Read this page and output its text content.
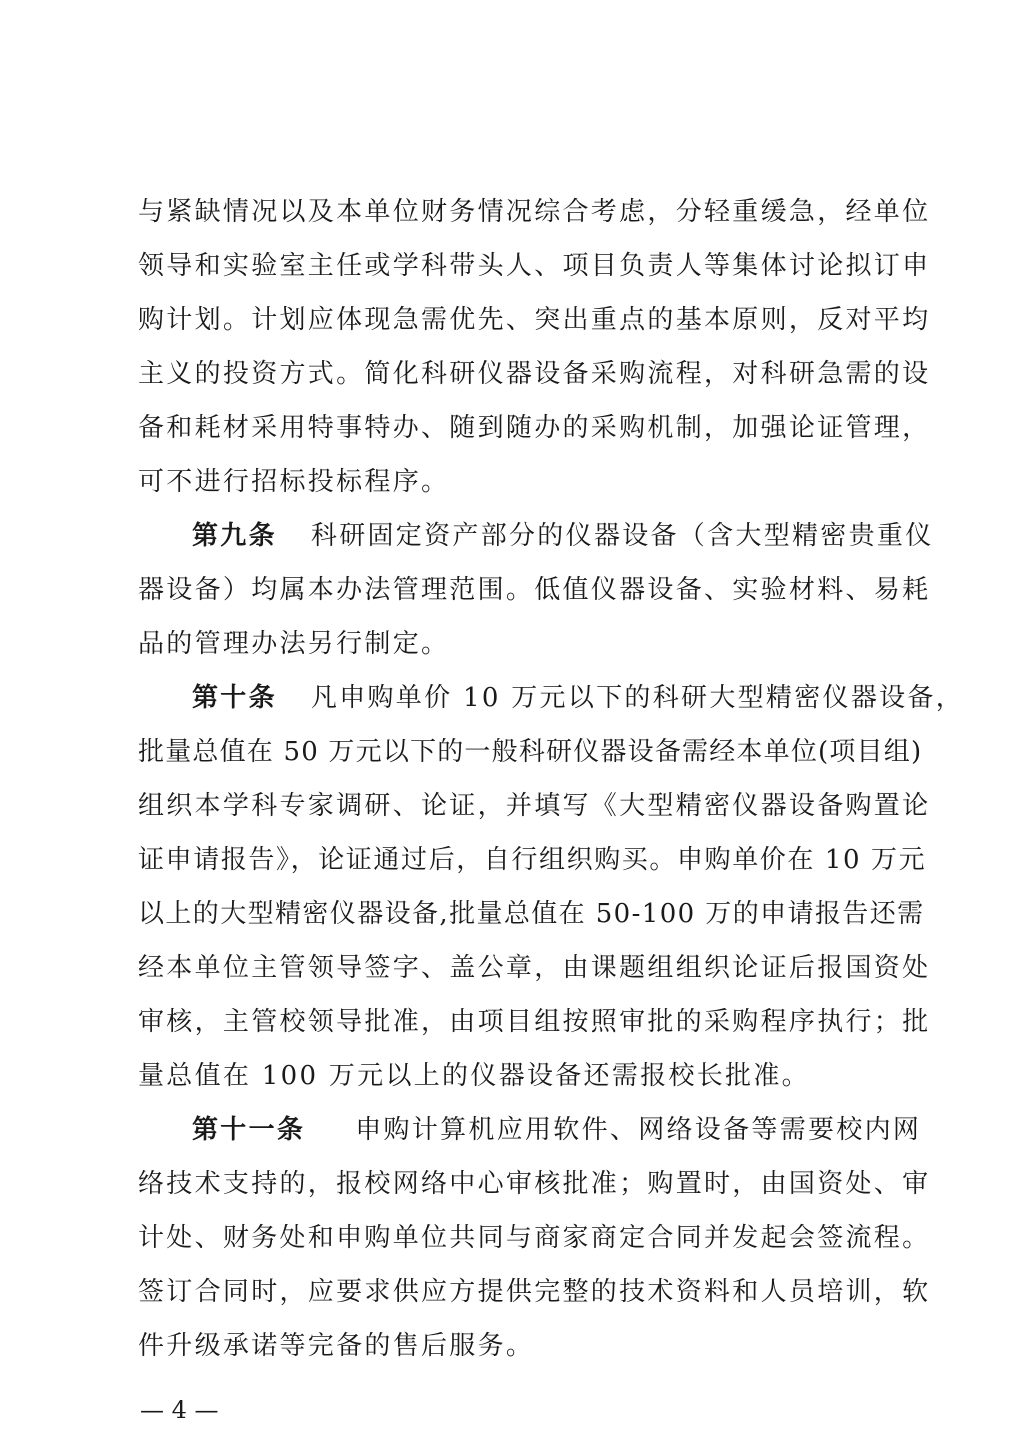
与紧缺情况以及本单位财务情况综合考虑，分轻重缓急，经单位
领导和实验室主任或学科带头人、项目负责人等集体讨论拟订申
购计划。计划应体现急需优先、突出重点的基本原则，反对平均
主义的投资方式。简化科研仪器设备采购流程，对科研急需的设
备和耗材采用特事特办、随到随办的采购机制，加强论证管理，
可不进行招标投标程序。
第九条 科研固定资产部分的仪器设备（含大型精密贵重仪
器设备）均属本办法管理范围。低值仪器设备、实验材料、易耗
品的管理办法另行制定。
第十条 凡申购单价 10 万元以下的科研大型精密仪器设备，
批量总值在 50 万元以下的一般科研仪器设备需经本单位(项目组)
组织本学科专家调研、论证，并填写《大型精密仪器设备购置论
证申请报告》，论证通过后，自行组织购买。申购单价在 10 万元
以上的大型精密仪器设备,批量总值在 50-100 万的申请报告还需
经本单位主管领导签字、盖公章，由课题组组织论证后报国资处
审核，主管校领导批准，由项目组按照审批的采购程序执行；批
量总值在 100 万元以上的仪器设备还需报校长批准。
第十一条 申购计算机应用软件、网络设备等需要校内网
络技术支持的，报校网络中心审核批准；购置时，由国资处、审
计处、财务处和申购单位共同与商家商定合同并发起会签流程。
签订合同时，应要求供应方提供完整的技术资料和人员培训，软
件升级承诺等完备的售后服务。
— 4 —
